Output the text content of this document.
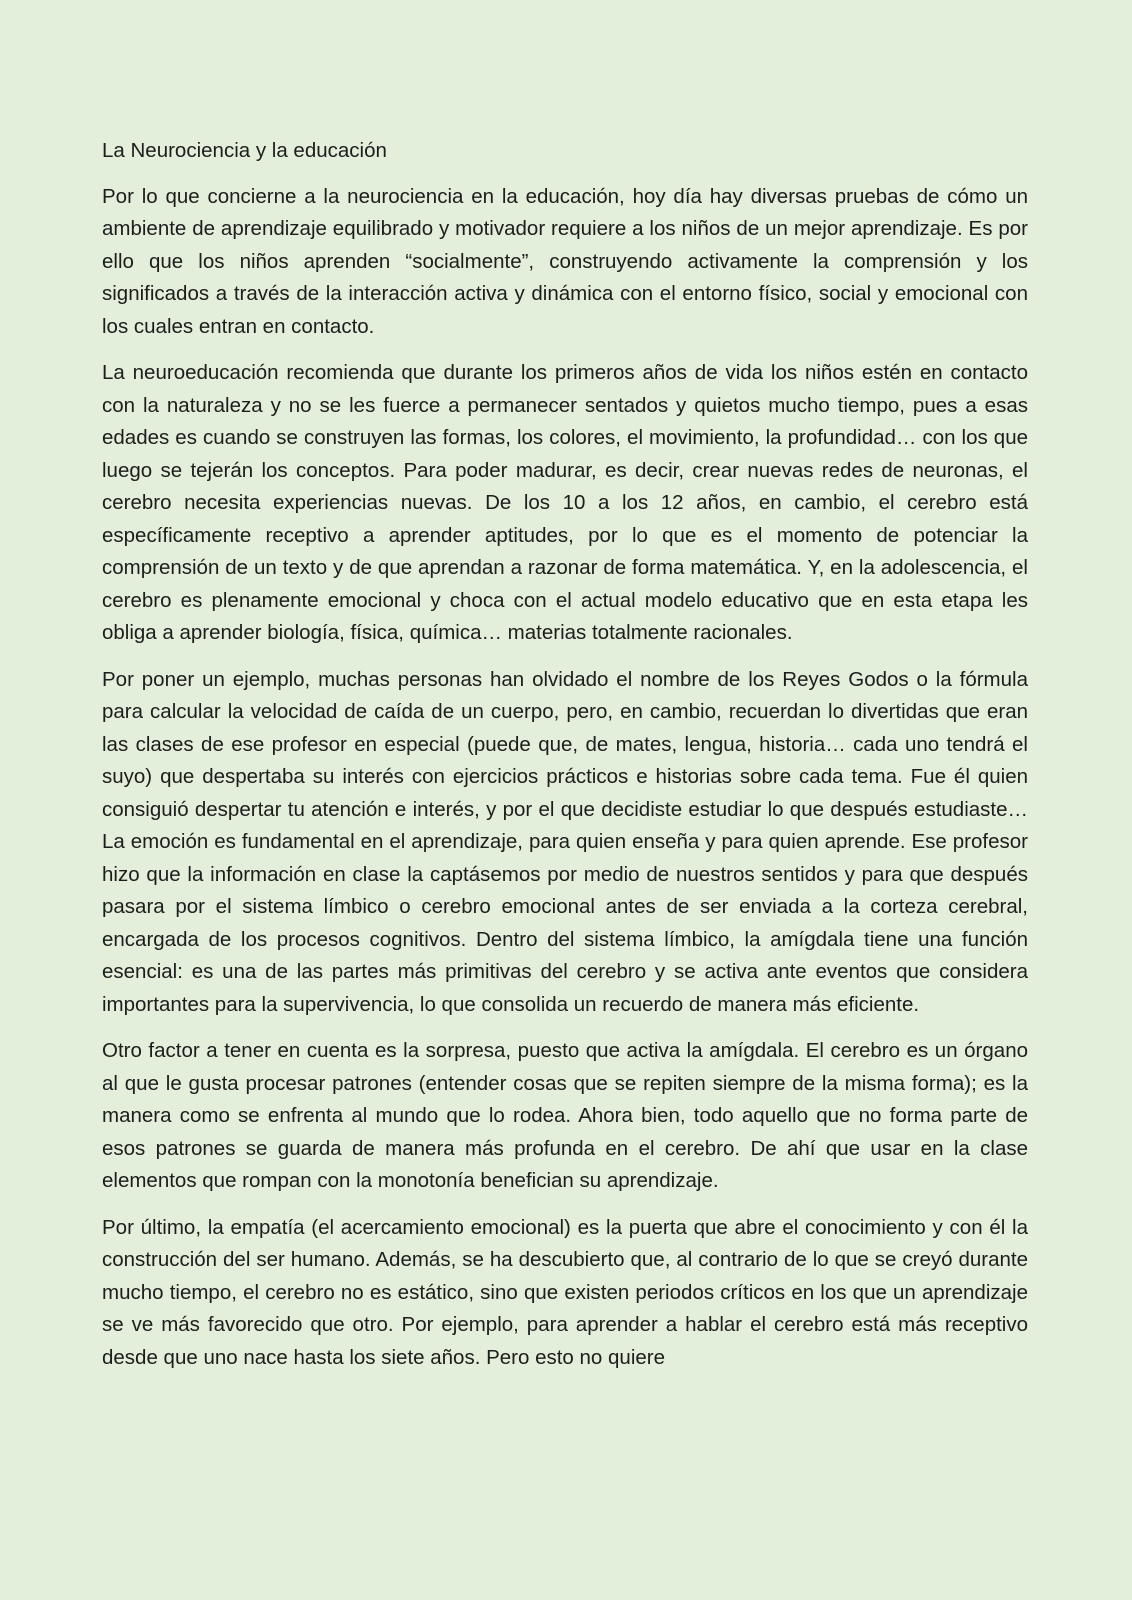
La Neurociencia y la educación

Por lo que concierne a la neurociencia en la educación, hoy día hay diversas pruebas de cómo un ambiente de aprendizaje equilibrado y motivador requiere a los niños de un mejor aprendizaje. Es por ello que los niños aprenden “socialmente”, construyendo activamente la comprensión y los significados a través de la interacción activa y dinámica con el entorno físico, social y emocional con los cuales entran en contacto.

La neuroeducación recomienda que durante los primeros años de vida los niños estén en contacto con la naturaleza y no se les fuerce a permanecer sentados y quietos mucho tiempo, pues a esas edades es cuando se construyen las formas, los colores, el movimiento, la profundidad… con los que luego se tejerán los conceptos. Para poder madurar, es decir, crear nuevas redes de neuronas, el cerebro necesita experiencias nuevas. De los 10 a los 12 años, en cambio, el cerebro está específicamente receptivo a aprender aptitudes, por lo que es el momento de potenciar la comprensión de un texto y de que aprendan a razonar de forma matemática. Y, en la adolescencia, el cerebro es plenamente emocional y choca con el actual modelo educativo que en esta etapa les obliga a aprender biología, física, química… materias totalmente racionales.

Por poner un ejemplo, muchas personas han olvidado el nombre de los Reyes Godos o la fórmula para calcular la velocidad de caída de un cuerpo, pero, en cambio, recuerdan lo divertidas que eran las clases de ese profesor en especial (puede que, de mates, lengua, historia… cada uno tendrá el suyo) que despertaba su interés con ejercicios prácticos e historias sobre cada tema. Fue él quien consiguió despertar tu atención e interés, y por el que decidiste estudiar lo que después estudiaste… La emoción es fundamental en el aprendizaje, para quien enseña y para quien aprende. Ese profesor hizo que la información en clase la captásemos por medio de nuestros sentidos y para que después pasara por el sistema límbico o cerebro emocional antes de ser enviada a la corteza cerebral, encargada de los procesos cognitivos. Dentro del sistema límbico, la amígdala tiene una función esencial: es una de las partes más primitivas del cerebro y se activa ante eventos que considera importantes para la supervivencia, lo que consolida un recuerdo de manera más eficiente.

Otro factor a tener en cuenta es la sorpresa, puesto que activa la amígdala. El cerebro es un órgano al que le gusta procesar patrones (entender cosas que se repiten siempre de la misma forma); es la manera como se enfrenta al mundo que lo rodea. Ahora bien, todo aquello que no forma parte de esos patrones se guarda de manera más profunda en el cerebro. De ahí que usar en la clase elementos que rompan con la monotonía benefician su aprendizaje.

Por último, la empatía (el acercamiento emocional) es la puerta que abre el conocimiento y con él la construcción del ser humano. Además, se ha descubierto que, al contrario de lo que se creyó durante mucho tiempo, el cerebro no es estático, sino que existen periodos críticos en los que un aprendizaje se ve más favorecido que otro. Por ejemplo, para aprender a hablar el cerebro está más receptivo desde que uno nace hasta los siete años. Pero esto no quiere
